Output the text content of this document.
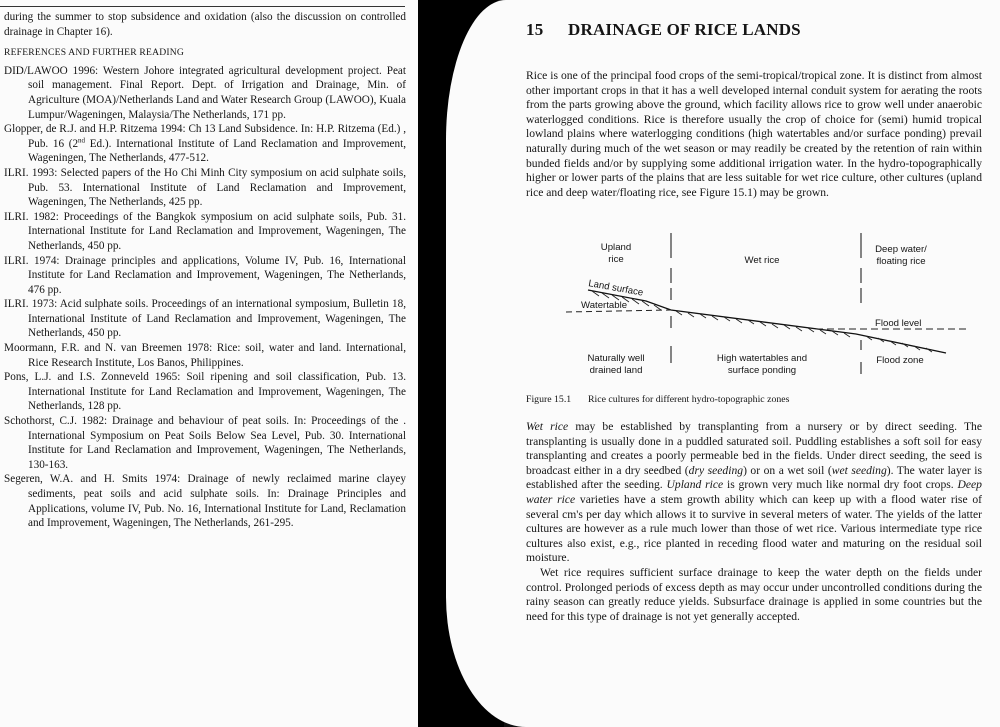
during the summer to stop subsidence and oxidation (also the discussion on controlled drainage in Chapter 16).

REFERENCES AND FURTHER READING

DID/LAWOO 1996: Western Johore integrated agricultural development project. Peat soil management. Final Report. Dept. of Irrigation and Drainage, Min. of Agriculture (MOA)/Netherlands Land and Water Research Group (LAWOO), Kuala Lumpur/Wageningen, Malaysia/The Netherlands, 171 pp.

Glopper, de R.J. and H.P. Ritzema 1994: Ch 13 Land Subsidence. In: H.P. Ritzema (Ed.) , Pub. 16 (2nd Ed.). International Institute of Land Reclamation and Improvement, Wageningen, The Netherlands, 477-512.

ILRI. 1993: Selected papers of the Ho Chi Minh City symposium on acid sulphate soils, Pub. 53. International Institute of Land Reclamation and Improvement, Wageningen, The Netherlands, 425 pp.

ILRI. 1982: Proceedings of the Bangkok symposium on acid sulphate soils, Pub. 31. International Institute for Land Reclamation and Improvement, Wageningen, The Netherlands, 450 pp.

ILRI. 1974: Drainage principles and applications, Volume IV, Pub. 16, International Institute for Land Reclamation and Improvement, Wageningen, The Netherlands, 476 pp.

ILRI. 1973: Acid sulphate soils. Proceedings of an international symposium, Bulletin 18, International Institute of Land Reclamation and Improvement, Wageningen, The Netherlands, 450 pp.

Moormann, F.R. and N. van Breemen 1978: Rice: soil, water and land. International, Rice Research Institute, Los Banos, Philippines.

Pons, L.J. and I.S. Zonneveld 1965: Soil ripening and soil classification, Pub. 13. International Institute for Land Reclamation and Improvement, Wageningen, The Netherlands, 128 pp.

Schothorst, C.J. 1982: Drainage and behaviour of peat soils. In: Proceedings of the . International Symposium on Peat Soils Below Sea Level, Pub. 30. International Institute for Land Reclamation and Improvement, Wageningen, The Netherlands, 130-163.

Segeren, W.A. and H. Smits 1974: Drainage of newly reclaimed marine clayey sediments, peat soils and acid sulphate soils. In: Drainage Principles and Applications, volume IV, Pub. No. 16, International Institute for Land, Reclamation and Improvement, Wageningen, The Netherlands, 261-295.

15 DRAINAGE OF RICE LANDS

Rice is one of the principal food crops of the semi-tropical/tropical zone. It is distinct from almost other important crops in that it has a well developed internal conduit system for aerating the roots from the parts growing above the ground, which facility allows rice to grow well under anaerobic waterlogged conditions. Rice is therefore usually the crop of choice for (semi) humid tropical lowland plains where waterlogging conditions (high watertables and/or surface ponding) prevail naturally during much of the wet season or may readily be created by the retention of rain within bunded fields and/or by supplying some additional irrigation water. In the hydro-topographically higher or lower parts of the plains that are less suitable for wet rice culture, other cultures (upland rice and deep water/floating rice, see Figure 15.1) may be grown.

Upland
rice	Wet rice
Deep water/
floating rice
Land surface
Watertable
Flood level
Naturally well
drained land
High watertables and
surface ponding
Flood zone
Figure 15.1 Rice cultures for different hydro-topographic zones

Wet rice may be established by transplanting from a nursery or by direct seeding. The transplanting is usually done in a puddled saturated soil. Puddling establishes a soft soil for easy transplanting and creates a poorly permeable bed in the fields. Under direct seeding, the seed is broadcast either in a dry seedbed (dry seeding) or on a wet soil (wet seeding). The water layer is established after the seeding. Upland rice is grown very much like normal dry foot crops. Deep water rice varieties have a stem growth ability which can keep up with a flood water rise of several cm's per day which allows it to survive in several meters of water. The yields of the latter cultures are however as a rule much lower than those of wet rice. Various intermediate type rice cultures also exist, e.g., rice planted in receding flood water and maturing on the residual soil moisture.

Wet rice requires sufficient surface drainage to keep the water depth on the fields under control. Prolonged periods of excess depth as may occur under uncontrolled conditions during the rainy season can greatly reduce yields. Subsurface drainage is applied in some countries but the need for this type of drainage is not yet generally accepted.
